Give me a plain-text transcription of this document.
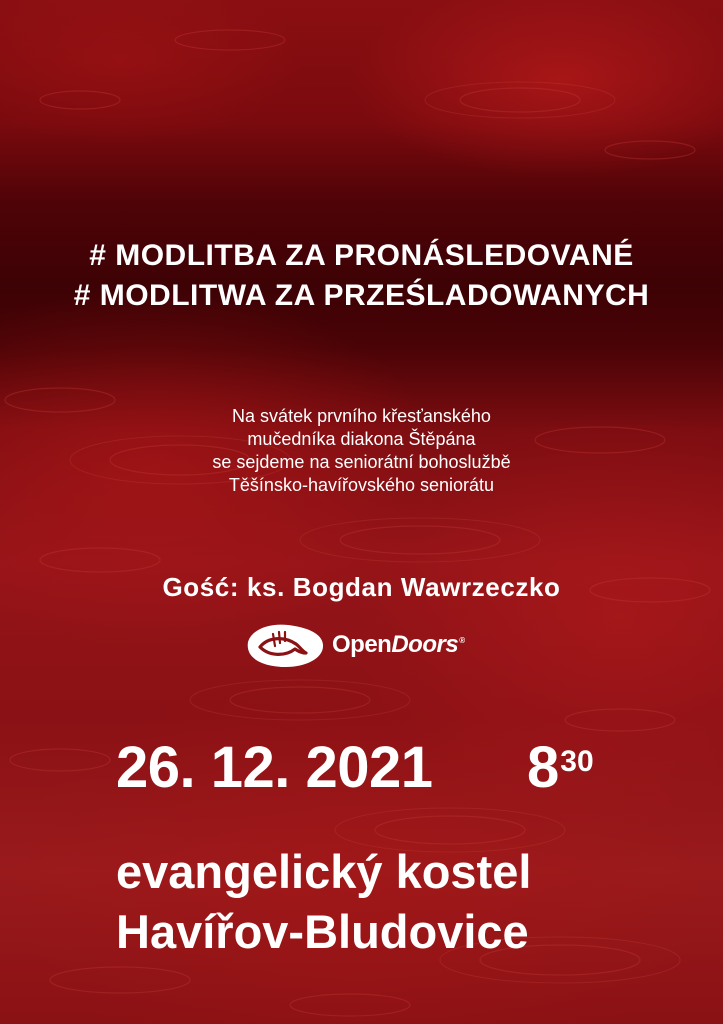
# MODLITBA ZA PRONÁSLEDOVANÉ
# MODLITWA ZA PRZEŚLADOWANYCH
Na svátek prvního křesťanského
mučedníka diakona Štěpána
se sejdeme na seniorátní bohoslužbě
Těšínsko-havířovského seniorátu
Gość: ks. Bogdan Wawrzeczko
OpenDoors®
26. 12. 2021 $8^{30}$
evangelický kostel
Havířov-Bludovice
